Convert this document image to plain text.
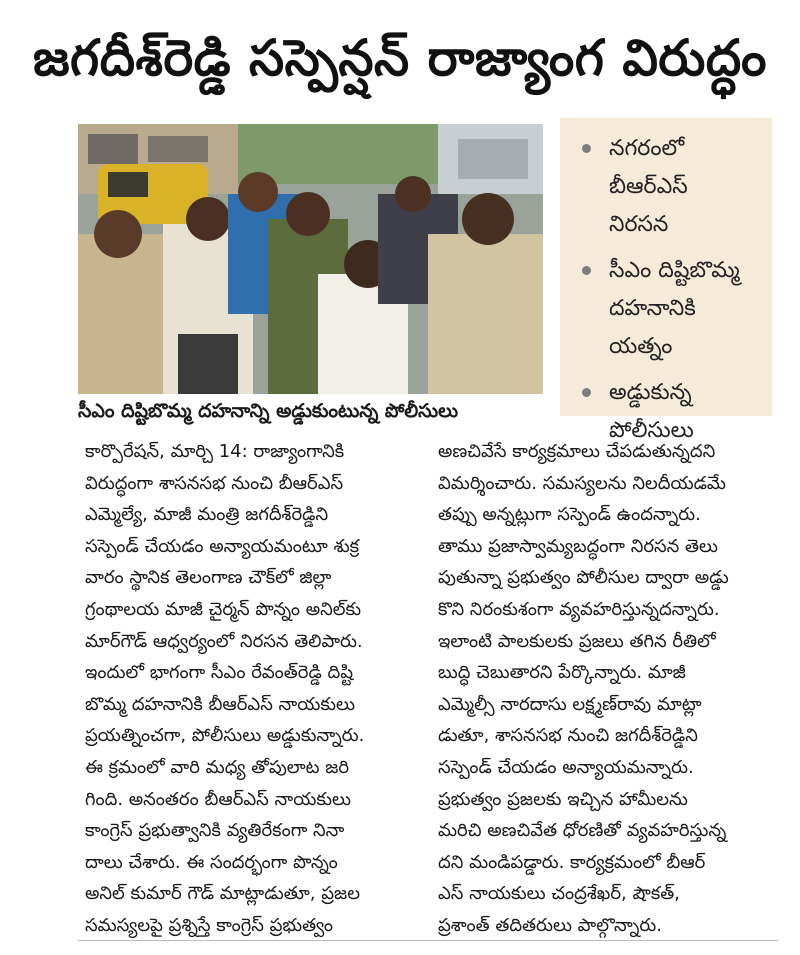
జగదీశ్‌రెడ్డి సస్పెన్షన్‌ రాజ్యాంగ విరుద్ధం
సీఎం దిష్టిబొమ్మ దహనాన్ని అడ్డుకుంటున్న పోలీసులు
నగరంలో
బీఆర్‌ఎస్‌
నిరసన
సీఎం దిష్టిబొమ్మ
దహనానికి
యత్నం
అడ్డుకున్న
పోలీసులు
కార్పొరేషన్‌, మార్చి 14: రాజ్యాంగానికి
విరుద్ధంగా శాసనసభ నుంచి బీఆర్‌ఎస్‌
ఎమ్మెల్యే, మాజీ మంత్రి జగదీశ్‌రెడ్డిని
సస్పెండ్‌ చేయడం అన్యాయమంటూ శుక్ర
వారం స్థానిక తెలంగాణ చౌక్‌లో జిల్లా
గ్రంథాలయ మాజీ చైర్మన్‌ పొన్నం అనిల్‌కు
మార్‌గౌడ్‌ ఆధ్వర్యంలో నిరసన తెలిపారు.
ఇందులో భాగంగా సీఎం రేవంత్‌రెడ్డి దిష్టి
బొమ్మ దహనానికి బీఆర్‌ఎస్‌ నాయకులు
ప్రయత్నించగా, పోలీసులు అడ్డుకున్నారు.
ఈ క్రమంలో వారి మధ్య తోపులాట జరి
గింది. అనంతరం బీఆర్‌ఎస్‌ నాయకులు
కాంగ్రెస్‌ ప్రభుత్వానికి వ్యతిరేకంగా నినా
దాలు చేశారు. ఈ సందర్భంగా పొన్నం
అనిల్‌ కుమార్‌ గౌడ్‌ మాట్లాడుతూ, ప్రజల
సమస్యలపై ప్రశ్నిస్తే కాంగ్రెస్‌ ప్రభుత్వం
అణచివేసే కార్యక్రమాలు చేపడుతున్నదని
విమర్శించారు. సమస్యలను నిలదీయడమే
తప్పు అన్నట్లుగా సస్పెండ్‌ ఉందన్నారు.
తాము ప్రజాస్వామ్యబద్ధంగా నిరసన తెలు
పుతున్నా ప్రభుత్వం పోలీసుల ద్వారా అడ్డు
కొని నిరంకుశంగా వ్యవహరిస్తున్నదన్నారు.
ఇలాంటి పాలకులకు ప్రజలు తగిన రీతిలో
బుద్ధి చెబుతారని పేర్కొన్నారు. మాజీ
ఎమ్మెల్సీ నారదాసు లక్ష్మణ్‌రావు మాట్లా
డుతూ, శాసనసభ నుంచి జగదీశ్‌రెడ్డిని
సస్పెండ్‌ చేయడం అన్యాయమన్నారు.
ప్రభుత్వం ప్రజలకు ఇచ్చిన హామీలను
మరిచి అణచివేత ధోరణితో వ్యవహరిస్తున్న
దని మండిపడ్డారు. కార్యక్రమంలో బీఆర్‌
ఎస్‌ నాయకులు చంద్రశేఖర్‌, షౌకత్‌,
ప్రశాంత్‌ తదితరులు పాల్గొన్నారు.
